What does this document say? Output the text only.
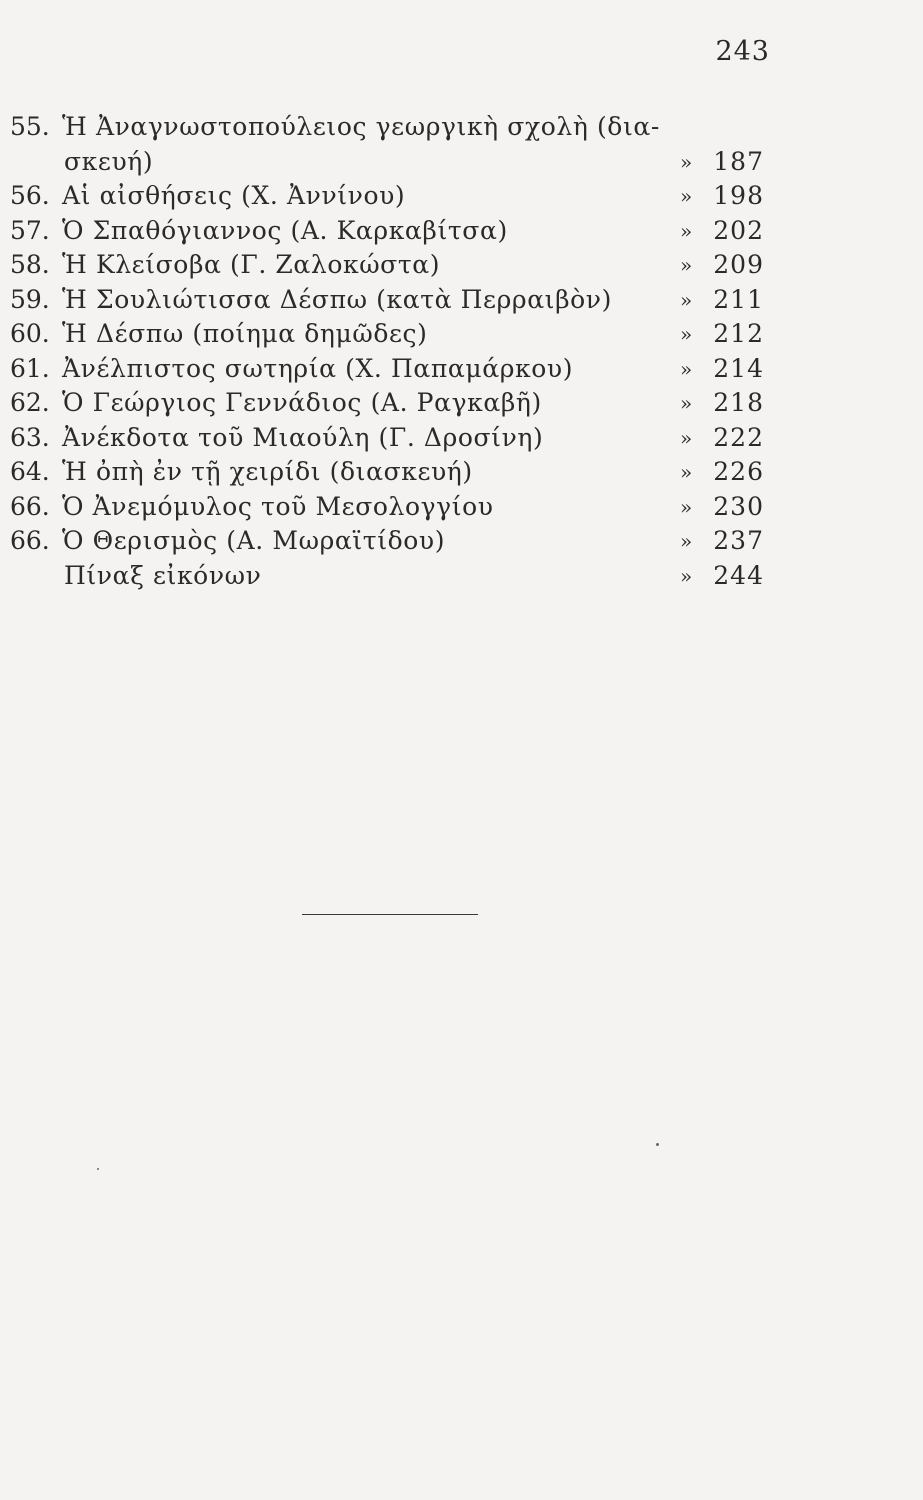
243
55. Ἡ Ἀναγνωστοπούλειος γεωργικὴ σχολὴ (δια-
σκευή)	» 187
56. Αἱ αἰσθήσεις (Χ. Ἀννίνου)	» 198
57. Ὁ Σπαθόγιαννος (Α. Καρκαβίτσα)	» 202
58. Ἡ Κλείσοβα (Γ. Ζαλοκώστα)	» 209
59. Ἡ Σουλιώτισσα Δέσπω (κατὰ Περραιβὸν)	» 211
60. Ἡ Δέσπω (ποίημα δημῶδες)	» 212
61. Ἀνέλπιστος σωτηρία (Χ. Παπαμάρκου)	» 214
62. Ὁ Γεώργιος Γεννάδιος (Α. Ραγκαβῆ)	» 218
63. Ἀνέκδοτα τοῦ Μιαούλη (Γ. Δροσίνη)	» 222
64. Ἡ ὀπὴ ἐν τῇ χειρίδι (διασκευή)	» 226
66. Ὁ Ἀνεμόμυλος τοῦ Μεσολογγίου	» 230
66. Ὁ Θερισμὸς (Α. Μωραϊτίδου)	» 237
Πίναξ εἰκόνων	» 244
